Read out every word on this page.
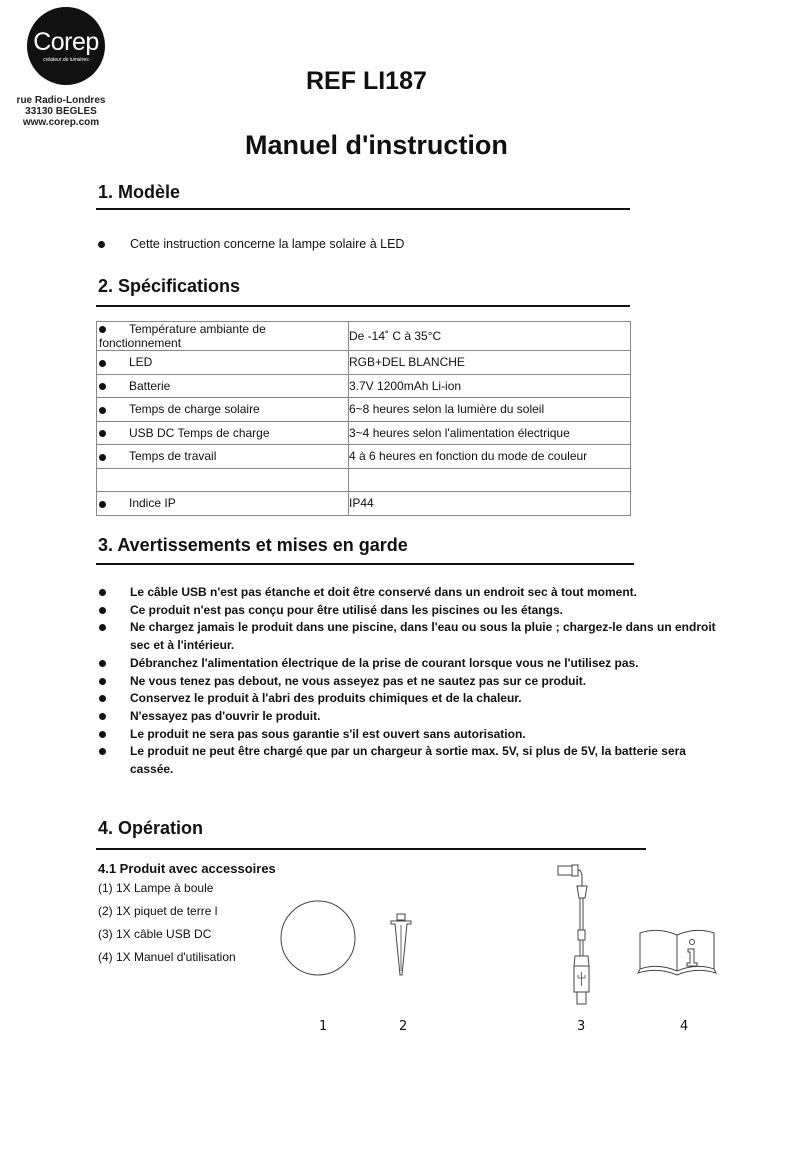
Corep
créateur de lumières
rue Radio-Londres
33130 BEGLES
www.corep.com
REF LI187
Manuel d'instruction
1. Modèle
Cette instruction concerne la lampe solaire à LED
2. Spécifications
Température ambiante de fonctionnement	De -14˚ C à 35°C
LED	RGB+DEL BLANCHE
Batterie	3.7V 1200mAh Li-ion
Temps de charge solaire	6~8 heures selon la lumière du soleil
USB DC Temps de charge	3~4 heures selon l'alimentation électrique
Temps de travail	4 à 6 heures en fonction du mode de couleur

Indice IP	IP44
3. Avertissements et mises en garde
Le câble USB n'est pas étanche et doit être conservé dans un endroit sec à tout moment.
Ce produit n'est pas conçu pour être utilisé dans les piscines ou les étangs.
Ne chargez jamais le produit dans une piscine, dans l'eau ou sous la pluie ; chargez-le dans un endroit sec et à l'intérieur.
Débranchez l'alimentation électrique de la prise de courant lorsque vous ne l'utilisez pas.
Ne vous tenez pas debout, ne vous asseyez pas et ne sautez pas sur ce produit.
Conservez le produit à l'abri des produits chimiques et de la chaleur.
N'essayez pas d'ouvrir le produit.
Le produit ne sera pas sous garantie s'il est ouvert sans autorisation.
Le produit ne peut être chargé que par un chargeur à sortie max. 5V, si plus de 5V, la batterie sera cassée.
4. Opération
4.1 Produit avec accessoires
(1) 1X Lampe à boule
(2) 1X piquet de terre l
(3) 1X câble USB DC
(4) 1X Manuel d'utilisation
1	2	3	4
